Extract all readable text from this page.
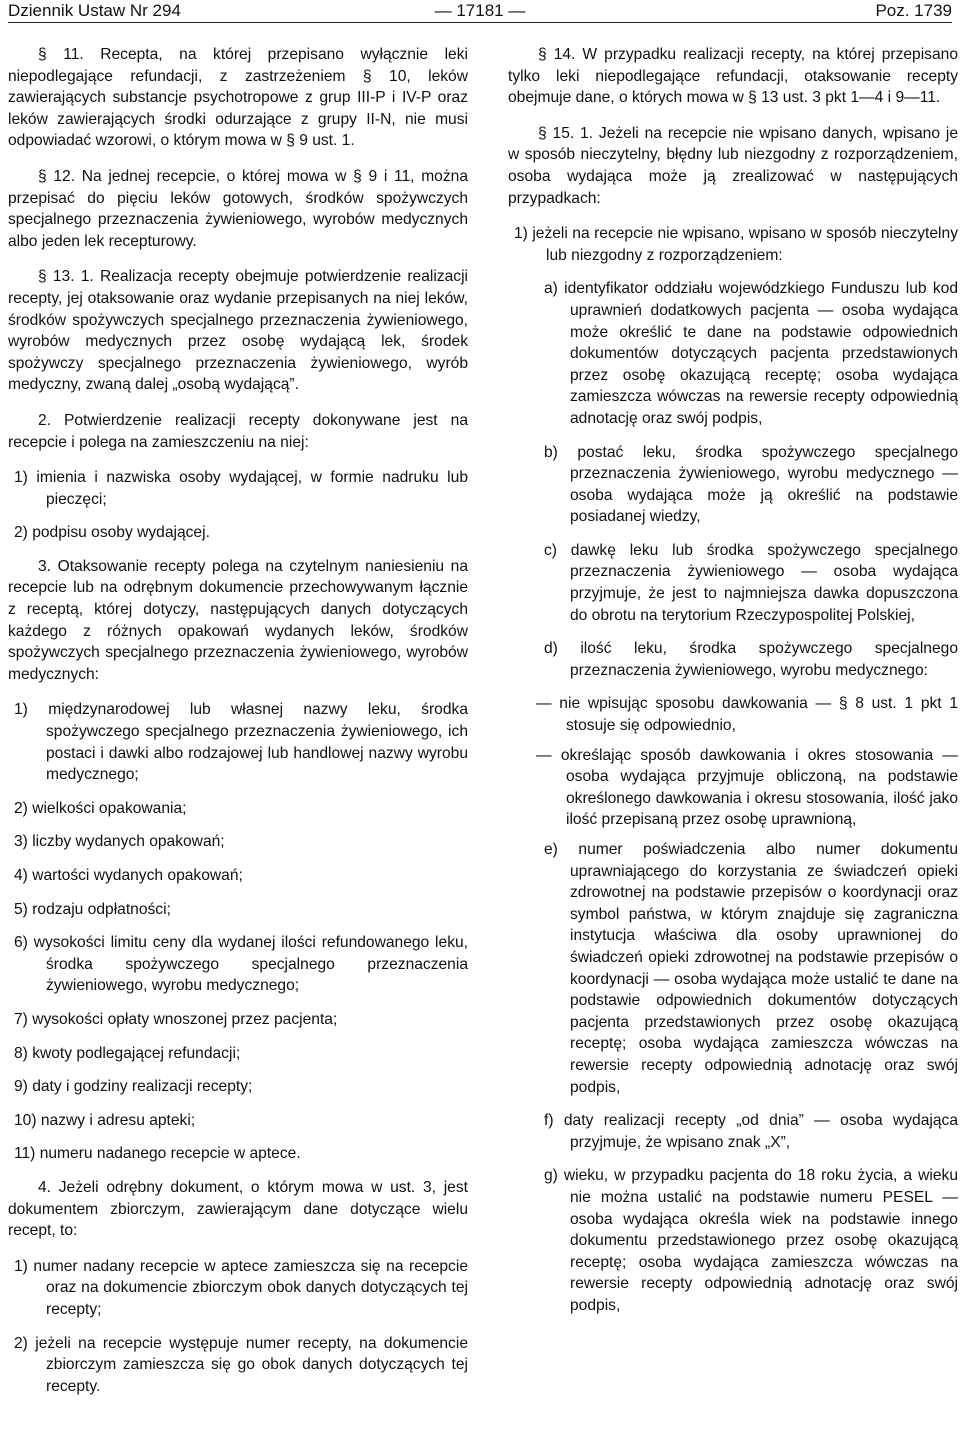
Dziennik Ustaw Nr 294	— 17181 —	Poz. 1739

§ 11. Recepta, na której przepisano wyłącznie leki niepodlegające refundacji, z zastrzeżeniem § 10, leków zawierających substancje psychotropowe z grup III-P i IV-P oraz leków zawierających środki odurzające z grupy II-N, nie musi odpowiadać wzorowi, o którym mowa w § 9 ust. 1.

§ 12. Na jednej recepcie, o której mowa w § 9 i 11, można przepisać do pięciu leków gotowych, środków spożywczych specjalnego przeznaczenia żywieniowego, wyrobów medycznych albo jeden lek recepturowy.

§ 13. 1. Realizacja recepty obejmuje potwierdzenie realizacji recepty, jej otaksowanie oraz wydanie przepisanych na niej leków, środków spożywczych specjalnego przeznaczenia żywieniowego, wyrobów medycznych przez osobę wydającą lek, środek spożywczy specjalnego przeznaczenia żywieniowego, wyrób medyczny, zwaną dalej „osobą wydającą”.

2. Potwierdzenie realizacji recepty dokonywane jest na recepcie i polega na zamieszczeniu na niej:

1) imienia i nazwiska osoby wydającej, w formie nadruku lub pieczęci;

2) podpisu osoby wydającej.

3. Otaksowanie recepty polega na czytelnym naniesieniu na recepcie lub na odrębnym dokumencie przechowywanym łącznie z receptą, której dotyczy, następujących danych dotyczących każdego z różnych opakowań wydanych leków, środków spożywczych specjalnego przeznaczenia żywieniowego, wyrobów medycznych:

1) międzynarodowej lub własnej nazwy leku, środka spożywczego specjalnego przeznaczenia żywieniowego, ich postaci i dawki albo rodzajowej lub handlowej nazwy wyrobu medycznego;

2) wielkości opakowania;

3) liczby wydanych opakowań;

4) wartości wydanych opakowań;

5) rodzaju odpłatności;

6) wysokości limitu ceny dla wydanej ilości refundowanego leku, środka spożywczego specjalnego przeznaczenia żywieniowego, wyrobu medycznego;

7) wysokości opłaty wnoszonej przez pacjenta;

8) kwoty podlegającej refundacji;

9) daty i godziny realizacji recepty;

10) nazwy i adresu apteki;

11) numeru nadanego recepcie w aptece.

4. Jeżeli odrębny dokument, o którym mowa w ust. 3, jest dokumentem zbiorczym, zawierającym dane dotyczące wielu recept, to:

1) numer nadany recepcie w aptece zamieszcza się na recepcie oraz na dokumencie zbiorczym obok danych dotyczących tej recepty;

2) jeżeli na recepcie występuje numer recepty, na dokumencie zbiorczym zamieszcza się go obok danych dotyczących tej recepty.

§ 14. W przypadku realizacji recepty, na której przepisano tylko leki niepodlegające refundacji, otaksowanie recepty obejmuje dane, o których mowa w § 13 ust. 3 pkt 1—4 i 9—11.

§ 15. 1. Jeżeli na recepcie nie wpisano danych, wpisano je w sposób nieczytelny, błędny lub niezgodny z rozporządzeniem, osoba wydająca może ją zrealizować w następujących przypadkach:

1) jeżeli na recepcie nie wpisano, wpisano w sposób nieczytelny lub niezgodny z rozporządzeniem:

a) identyfikator oddziału wojewódzkiego Funduszu lub kod uprawnień dodatkowych pacjenta — osoba wydająca może określić te dane na podstawie odpowiednich dokumentów dotyczących pacjenta przedstawionych przez osobę okazującą receptę; osoba wydająca zamieszcza wówczas na rewersie recepty odpowiednią adnotację oraz swój podpis,

b) postać leku, środka spożywczego specjalnego przeznaczenia żywieniowego, wyrobu medycznego — osoba wydająca może ją określić na podstawie posiadanej wiedzy,

c) dawkę leku lub środka spożywczego specjalnego przeznaczenia żywieniowego — osoba wydająca przyjmuje, że jest to najmniejsza dawka dopuszczona do obrotu na terytorium Rzeczypospolitej Polskiej,

d) ilość leku, środka spożywczego specjalnego przeznaczenia żywieniowego, wyrobu medycznego:

— nie wpisując sposobu dawkowania — § 8 ust. 1 pkt 1 stosuje się odpowiednio,

— określając sposób dawkowania i okres stosowania — osoba wydająca przyjmuje obliczoną, na podstawie określonego dawkowania i okresu stosowania, ilość jako ilość przepisaną przez osobę uprawnioną,

e) numer poświadczenia albo numer dokumentu uprawniającego do korzystania ze świadczeń opieki zdrowotnej na podstawie przepisów o koordynacji oraz symbol państwa, w którym znajduje się zagraniczna instytucja właściwa dla osoby uprawnionej do świadczeń opieki zdrowotnej na podstawie przepisów o koordynacji — osoba wydająca może ustalić te dane na podstawie odpowiednich dokumentów dotyczących pacjenta przedstawionych przez osobę okazującą receptę; osoba wydająca zamieszcza wówczas na rewersie recepty odpowiednią adnotację oraz swój podpis,

f) daty realizacji recepty „od dnia” — osoba wydająca przyjmuje, że wpisano znak „X”,

g) wieku, w przypadku pacjenta do 18 roku życia, a wieku nie można ustalić na podstawie numeru PESEL — osoba wydająca określa wiek na podstawie innego dokumentu przedstawionego przez osobę okazującą receptę; osoba wydająca zamieszcza wówczas na rewersie recepty odpowiednią adnotację oraz swój podpis,
